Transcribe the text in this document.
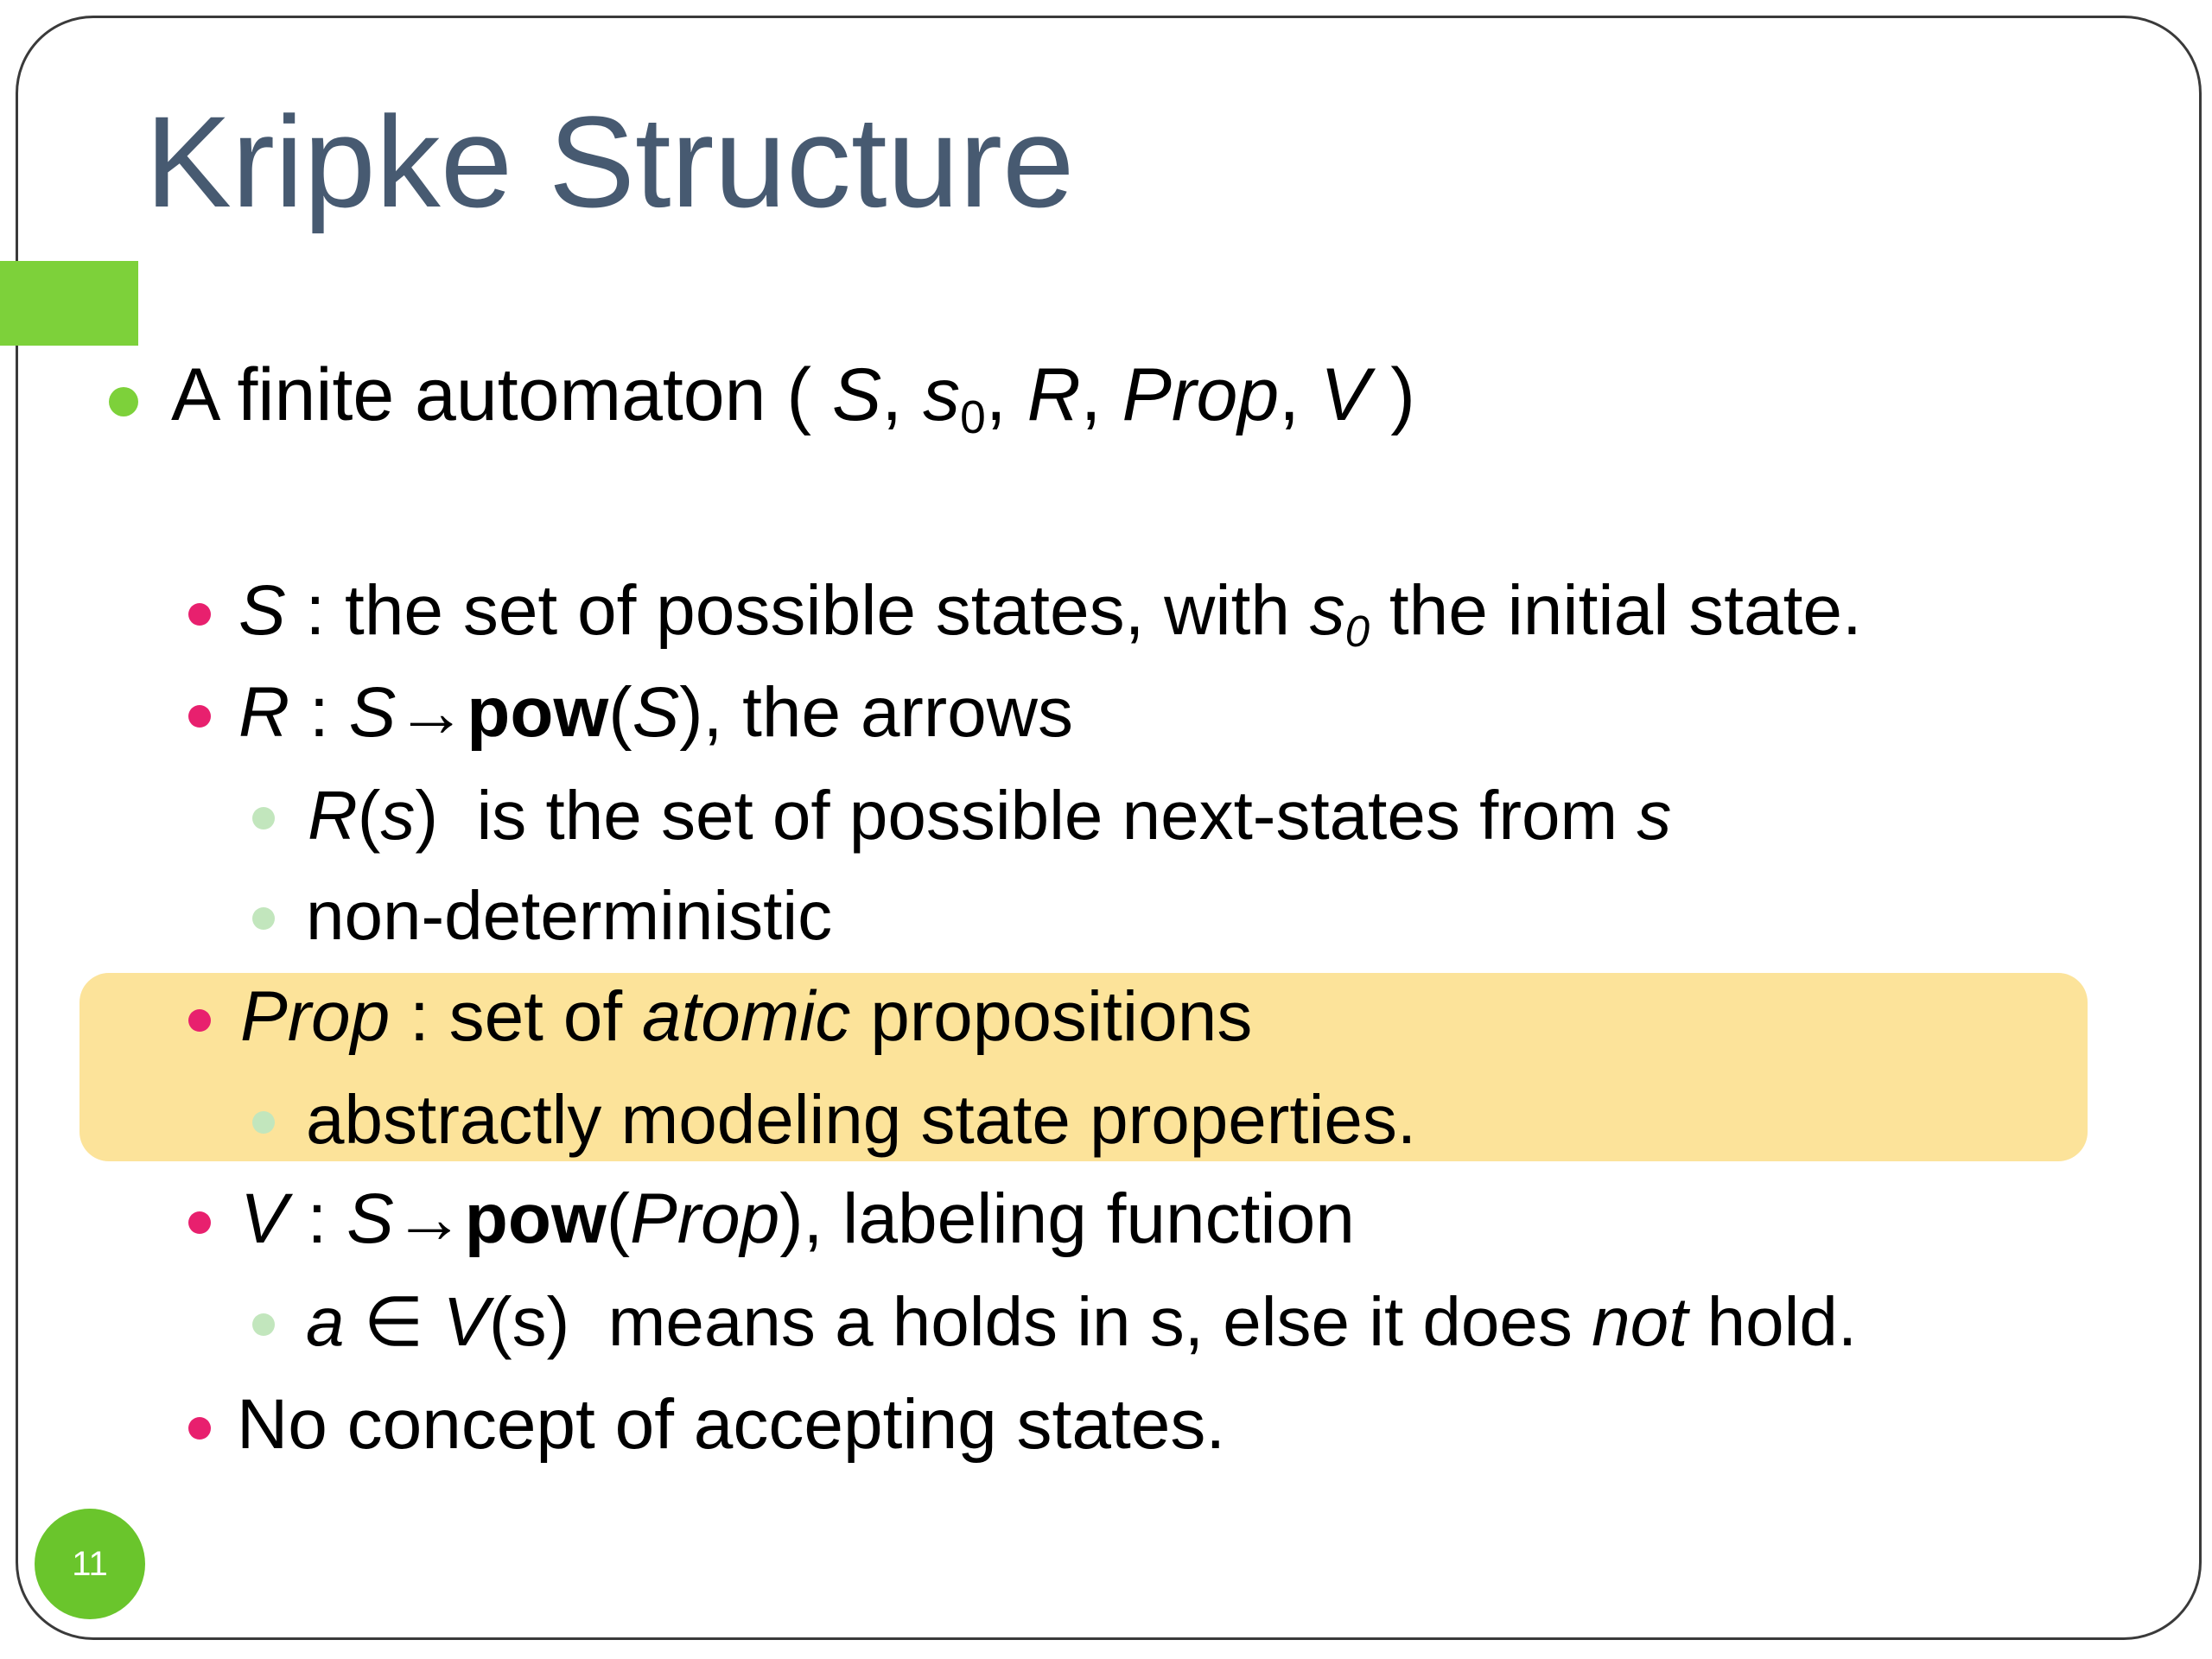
Kripke Structure
A finite automaton ( S, s0, R, Prop, V )
S : the set of possible states, with s0 the initial state.
R : S→pow(S), the arrows
R(s)  is the set of possible next-states from s
non-deterministic
Prop : set of atomic propositions
abstractly modeling state properties.
V : S→pow(Prop), labeling function
a ∈ V(s)  means a holds in s, else it does not hold.
No concept of accepting states.
11
